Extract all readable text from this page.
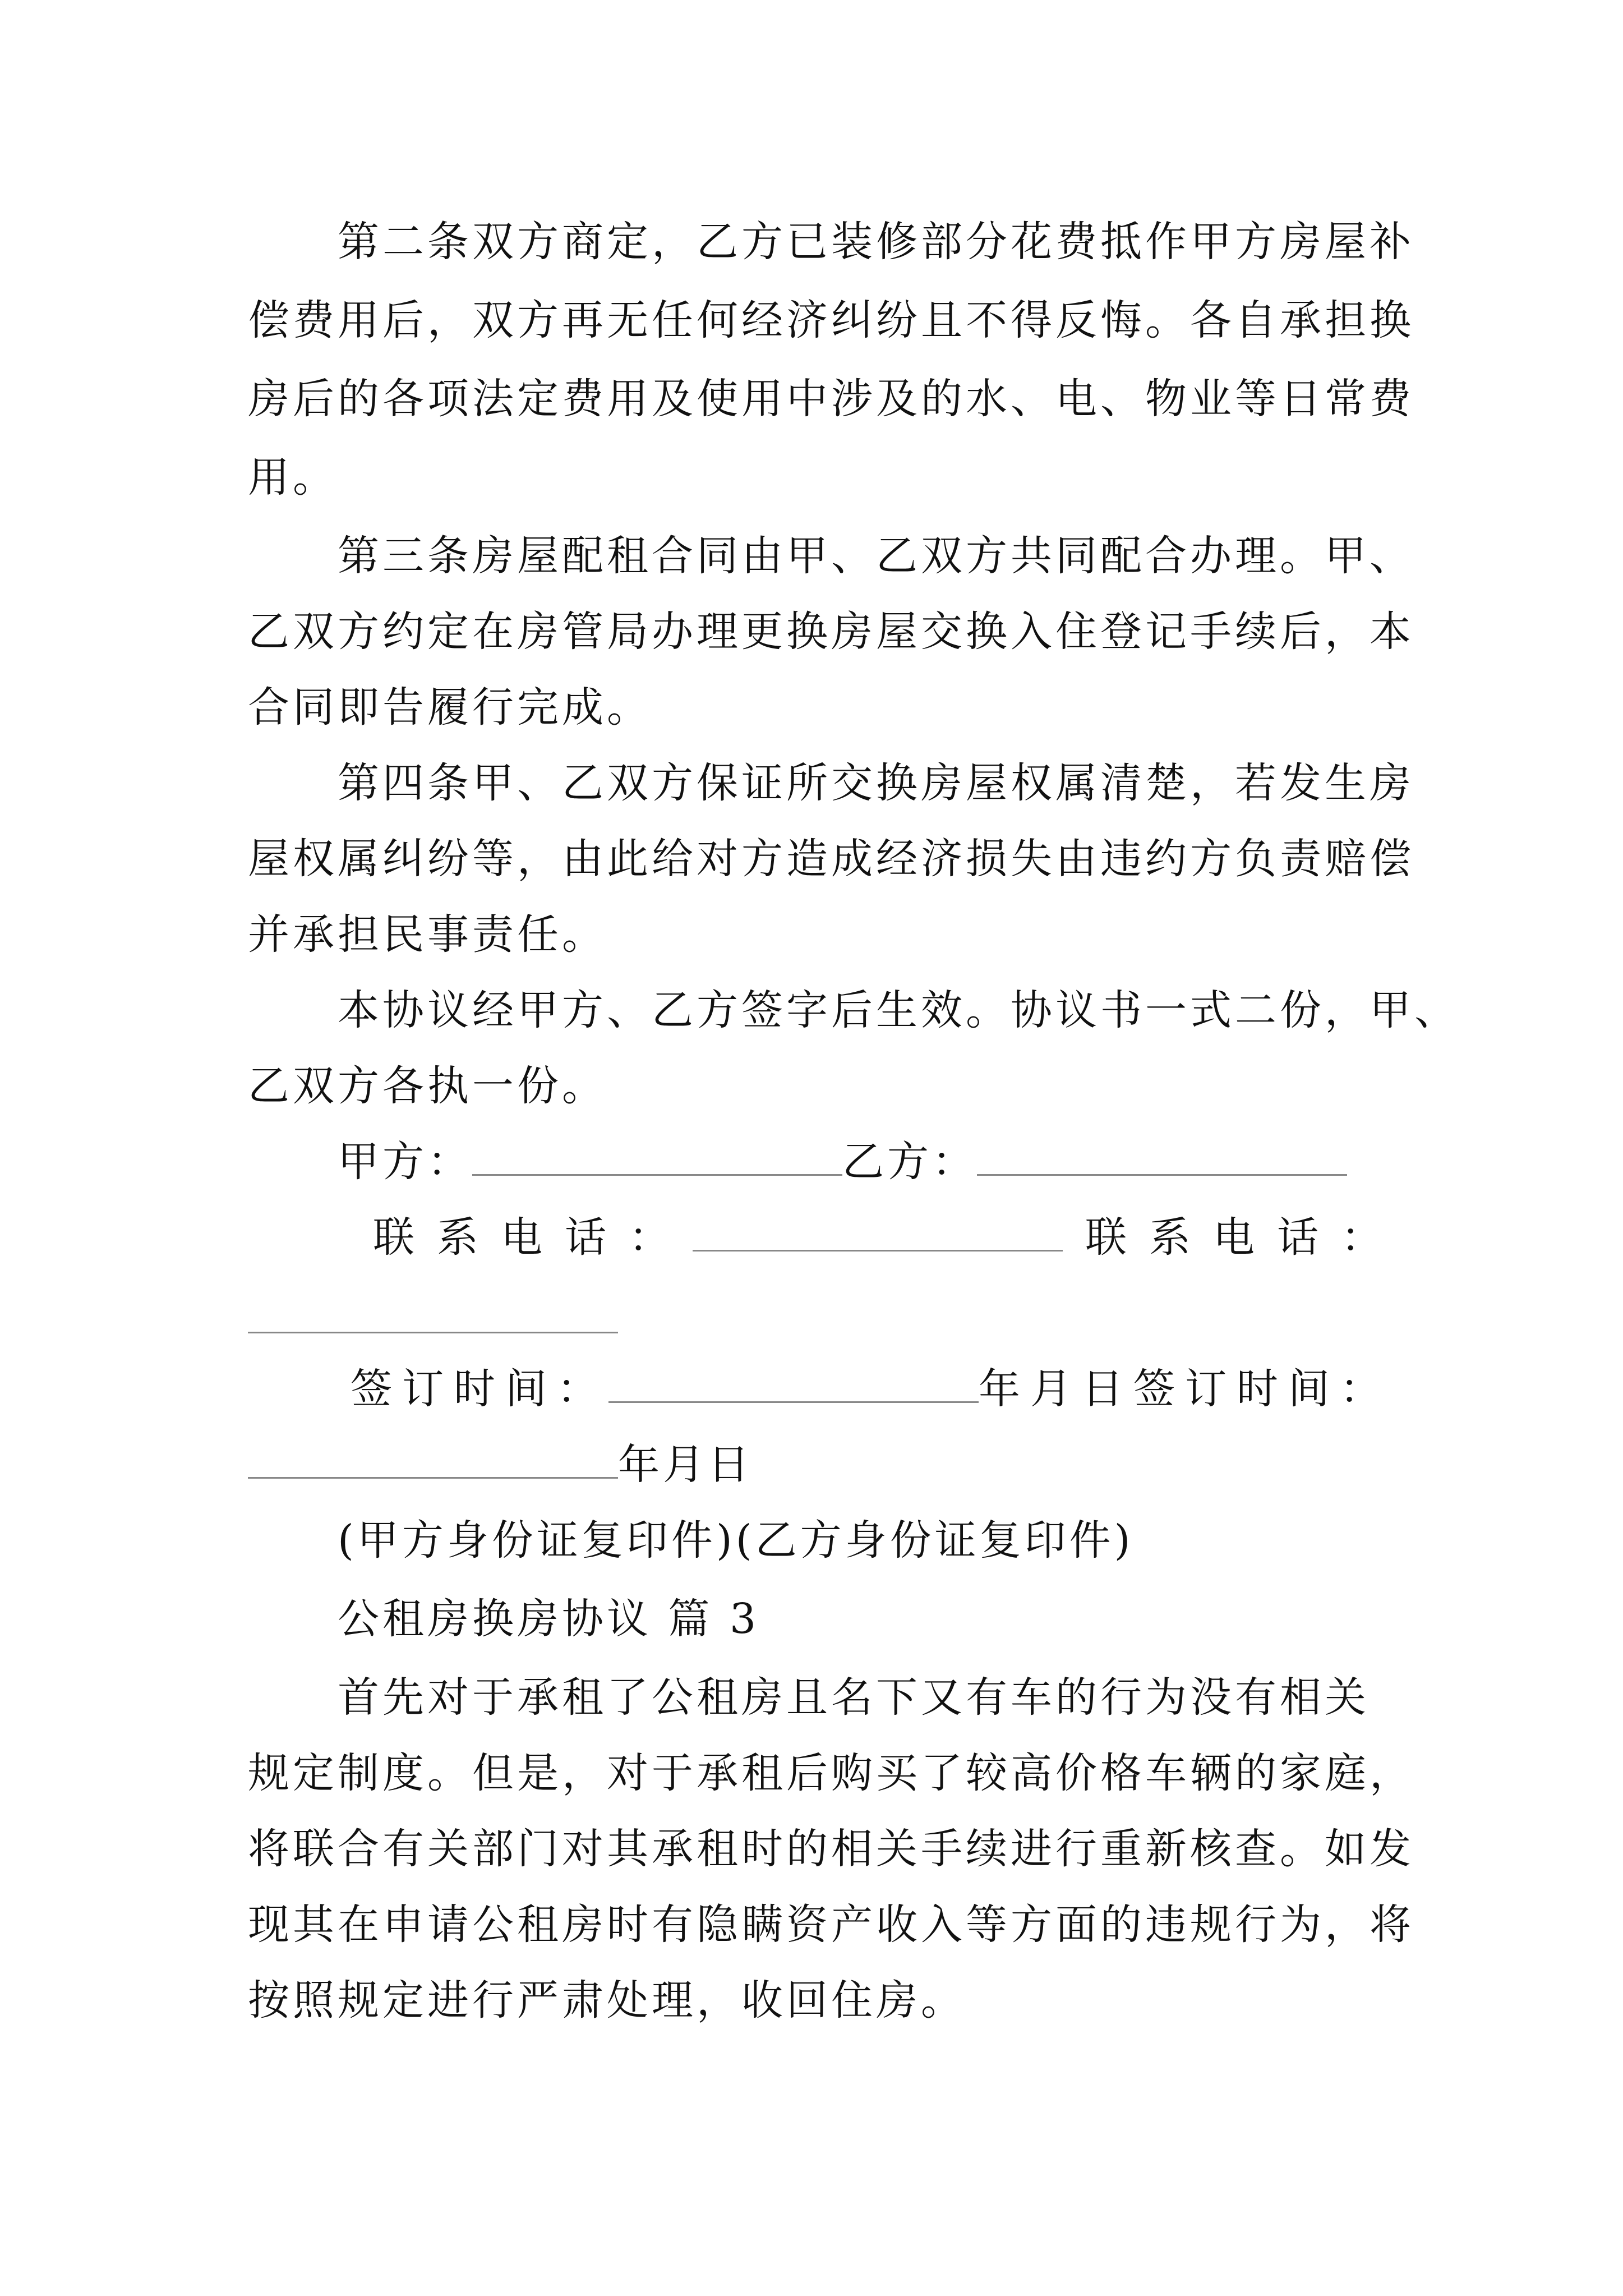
第二条双方商定，乙方已装修部分花费抵作甲方房屋补
偿费用后，双方再无任何经济纠纷且不得反悔。各自承担换
房后的各项法定费用及使用中涉及的水、电、物业等日常费
用。
第三条房屋配租合同由甲、乙双方共同配合办理。甲、
乙双方约定在房管局办理更换房屋交换入住登记手续后，本
合同即告履行完成。
第四条甲、乙双方保证所交换房屋权属清楚，若发生房
屋权属纠纷等，由此给对方造成经济损失由违约方负责赔偿
并承担民事责任。
本协议经甲方、乙方签字后生效。协议书一式二份，甲、
乙双方各执一份。
甲方：	乙方：
联系电话：	联系电话：
签订时间：	年月日签订时间：
年月日
(甲方身份证复印件)(乙方身份证复印件)
公租房换房协议 篇 3
首先对于承租了公租房且名下又有车的行为没有相关
规定制度。但是，对于承租后购买了较高价格车辆的家庭，
将联合有关部门对其承租时的相关手续进行重新核查。如发
现其在申请公租房时有隐瞒资产收入等方面的违规行为，将
按照规定进行严肃处理，收回住房。
